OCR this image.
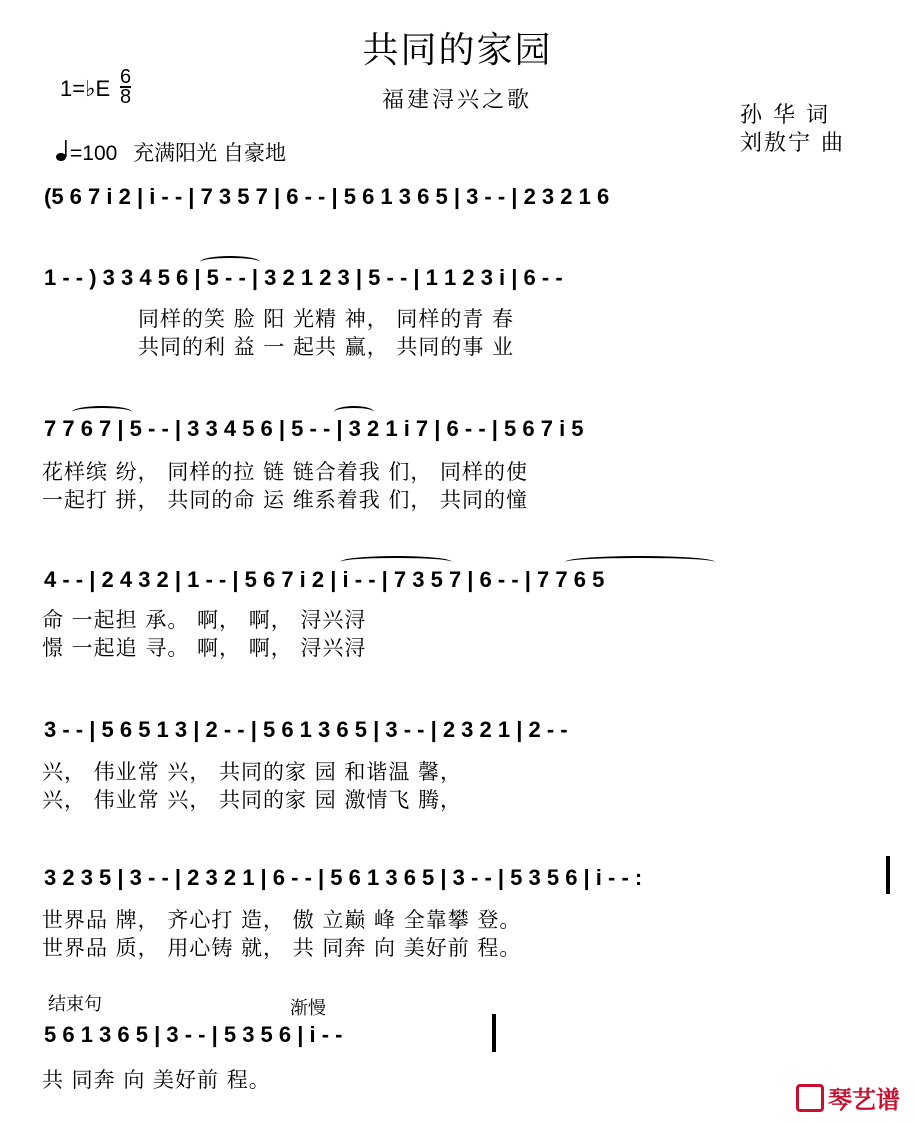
共同的家园
福建浔兴之歌
孙 华 词
刘敖宁 曲
1=♭E 6
8
=100 充满阳光 自豪地
(5 6 7 i 2 | i - - | 7 3 5 7 | 6 - - | 5 6 1 3 6 5 | 3 - - | 2 3 2 1 6
1 - - ) 3 3 4 5 6 | 5 - - | 3 2 1 2 3 | 5 - - | 1 1 2 3 i | 6 - -
同样的笑 脸 阳 光精 神， 同样的青 春
共同的利 益 一 起共 赢， 共同的事 业
7 7 6 7 | 5 - - | 3 3 4 5 6 | 5 - - | 3 2 1 i 7 | 6 - - | 5 6 7 i 5
花样缤 纷， 同样的拉 链 链合着我 们， 同样的使
一起打 拼， 共同的命 运 维系着我 们， 共同的憧
4 - - | 2 4 3 2 | 1 - - | 5 6 7 i 2 | i - - | 7 3 5 7 | 6 - - | 7 7 6 5
命 一起担 承。 啊， 啊， 浔兴浔
憬 一起追 寻。 啊， 啊， 浔兴浔
3 - - | 5 6 5 1 3 | 2 - - | 5 6 1 3 6 5 | 3 - - | 2 3 2 1 | 2 - -
兴， 伟业常 兴， 共同的家 园 和谐温 馨，
兴， 伟业常 兴， 共同的家 园 激情飞 腾，
3 2 3 5 | 3 - - | 2 3 2 1 | 6 - - | 5 6 1 3 6 5 | 3 - - | 5 3 5 6 | i - - :
世界品 牌， 齐心打 造， 傲 立巅 峰 全靠攀 登。
世界品 质， 用心铸 就， 共 同奔 向 美好前 程。
结束句	渐慢
5 6 1 3 6 5 | 3 - - | 5 3 5 6 | i - -
共 同奔 向 美好前 程。
琴艺谱
